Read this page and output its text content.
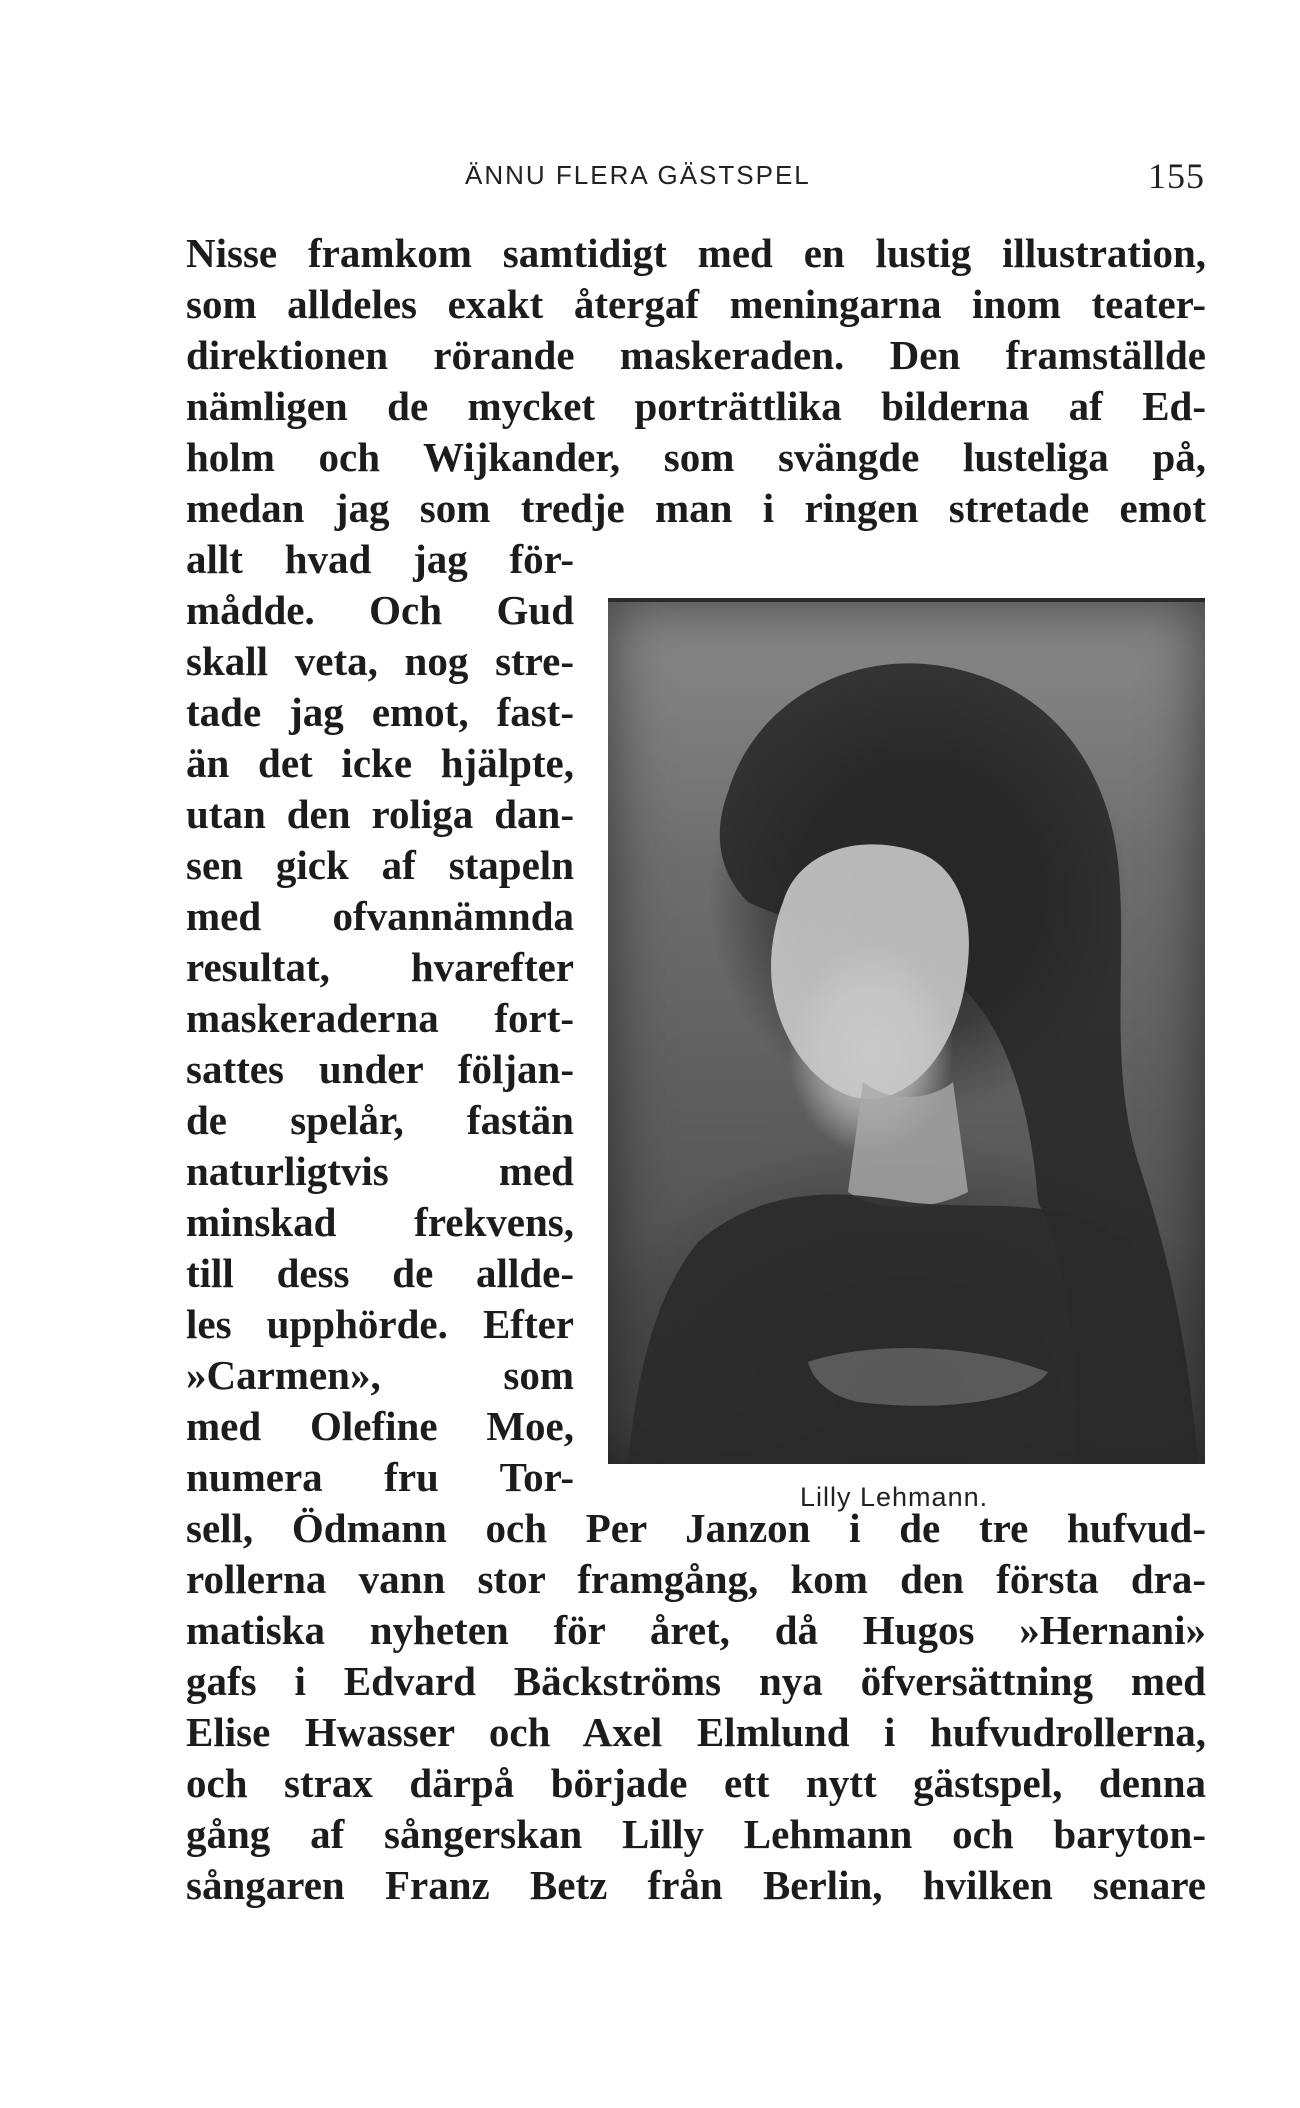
ÄNNU FLERA GÄSTSPEL	155
Nisse framkom samtidigt med en lustig illustration,
som alldeles exakt återgaf meningarna inom teater-
direktionen rörande maskeraden. Den framställde
nämligen de mycket porträttlika bilderna af Ed-
holm och Wijkander, som svängde lusteliga på,
medan jag som tredje man i ringen stretade emot
allt hvad jag för-
mådde. Och Gud
skall veta, nog stre-
tade jag emot, fast-
än det icke hjälpte,
utan den roliga dan-
sen gick af stapeln
med ofvannämnda
resultat, hvarefter
maskeraderna fort-
sattes under följan-
de spelår, fastän
naturligtvis med
minskad frekvens,
till dess de allde-
les upphörde. Efter
»Carmen», som
med Olefine Moe,
numera fru Tor-
sell, Ödmann och Per Janzon i de tre hufvud-
rollerna vann stor framgång, kom den första dra-
matiska nyheten för året, då Hugos »Hernani»
gafs i Edvard Bäckströms nya öfversättning med
Elise Hwasser och Axel Elmlund i hufvudrollerna,
och strax därpå började ett nytt gästspel, denna
gång af sångerskan Lilly Lehmann och baryton-
sångaren Franz Betz från Berlin, hvilken senare
Lilly Lehmann.
